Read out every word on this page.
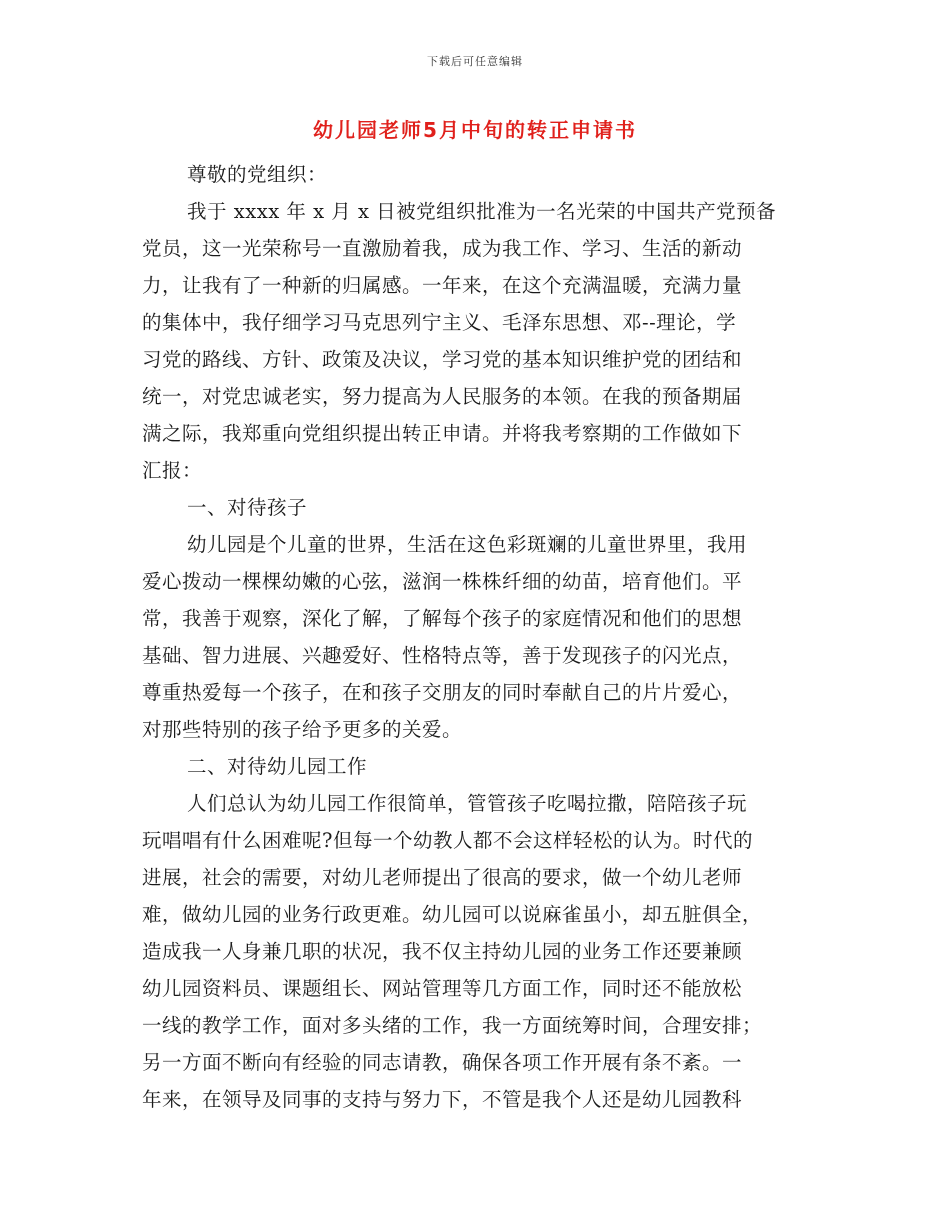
下载后可任意编辑
幼儿园老师5月中旬的转正申请书
尊敬的党组织：
我于 xxxx 年 x 月 x 日被党组织批准为一名光荣的中国共产党预备
党员，这一光荣称号一直激励着我，成为我工作、学习、生活的新动
力，让我有了一种新的归属感。一年来，在这个充满温暖，充满力量
的集体中，我仔细学习马克思列宁主义、毛泽东思想、邓--理论，学
习党的路线、方针、政策及决议，学习党的基本知识维护党的团结和
统一，对党忠诚老实，努力提高为人民服务的本领。在我的预备期届
满之际，我郑重向党组织提出转正申请。并将我考察期的工作做如下
汇报：
一、对待孩子
幼儿园是个儿童的世界，生活在这色彩斑斓的儿童世界里，我用
爱心拨动一棵棵幼嫩的心弦，滋润一株株纤细的幼苗，培育他们。平
常，我善于观察，深化了解，了解每个孩子的家庭情况和他们的思想
基础、智力进展、兴趣爱好、性格特点等，善于发现孩子的闪光点，
尊重热爱每一个孩子，在和孩子交朋友的同时奉献自己的片片爱心，
对那些特别的孩子给予更多的关爱。
二、对待幼儿园工作
人们总认为幼儿园工作很简单，管管孩子吃喝拉撒，陪陪孩子玩
玩唱唱有什么困难呢?但每一个幼教人都不会这样轻松的认为。时代的
进展，社会的需要，对幼儿老师提出了很高的要求，做一个幼儿老师
难，做幼儿园的业务行政更难。幼儿园可以说麻雀虽小，却五脏俱全，
造成我一人身兼几职的状况，我不仅主持幼儿园的业务工作还要兼顾
幼儿园资料员、课题组长、网站管理等几方面工作，同时还不能放松
一线的教学工作，面对多头绪的工作，我一方面统筹时间，合理安排；
另一方面不断向有经验的同志请教，确保各项工作开展有条不紊。一
年来，在领导及同事的支持与努力下，不管是我个人还是幼儿园教科
